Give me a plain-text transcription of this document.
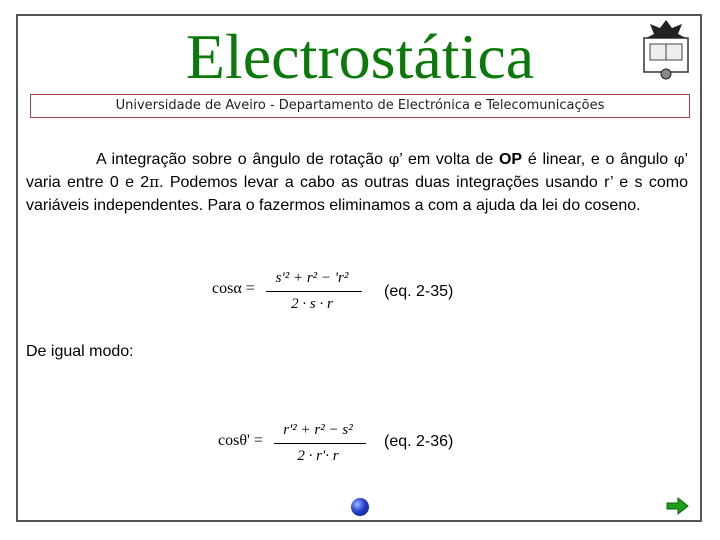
Electrostática
Universidade de Aveiro - Departamento de Electrónica e Telecomunicações
A integração sobre o ângulo de rotação φ’ em volta de OP é linear, e o ângulo φ’ varia entre 0 e 2π. Podemos levar a cabo as outras duas integrações usando r’ e s como variáveis independentes. Para o fazermos eliminamos a com a ajuda da lei do coseno.
cosα =
s'² + r² − 'r²
2 · s · r
(eq. 2-35)
De igual modo:
cosθ' =
r'² + r² − s²
2 · r'· r
(eq. 2-36)
